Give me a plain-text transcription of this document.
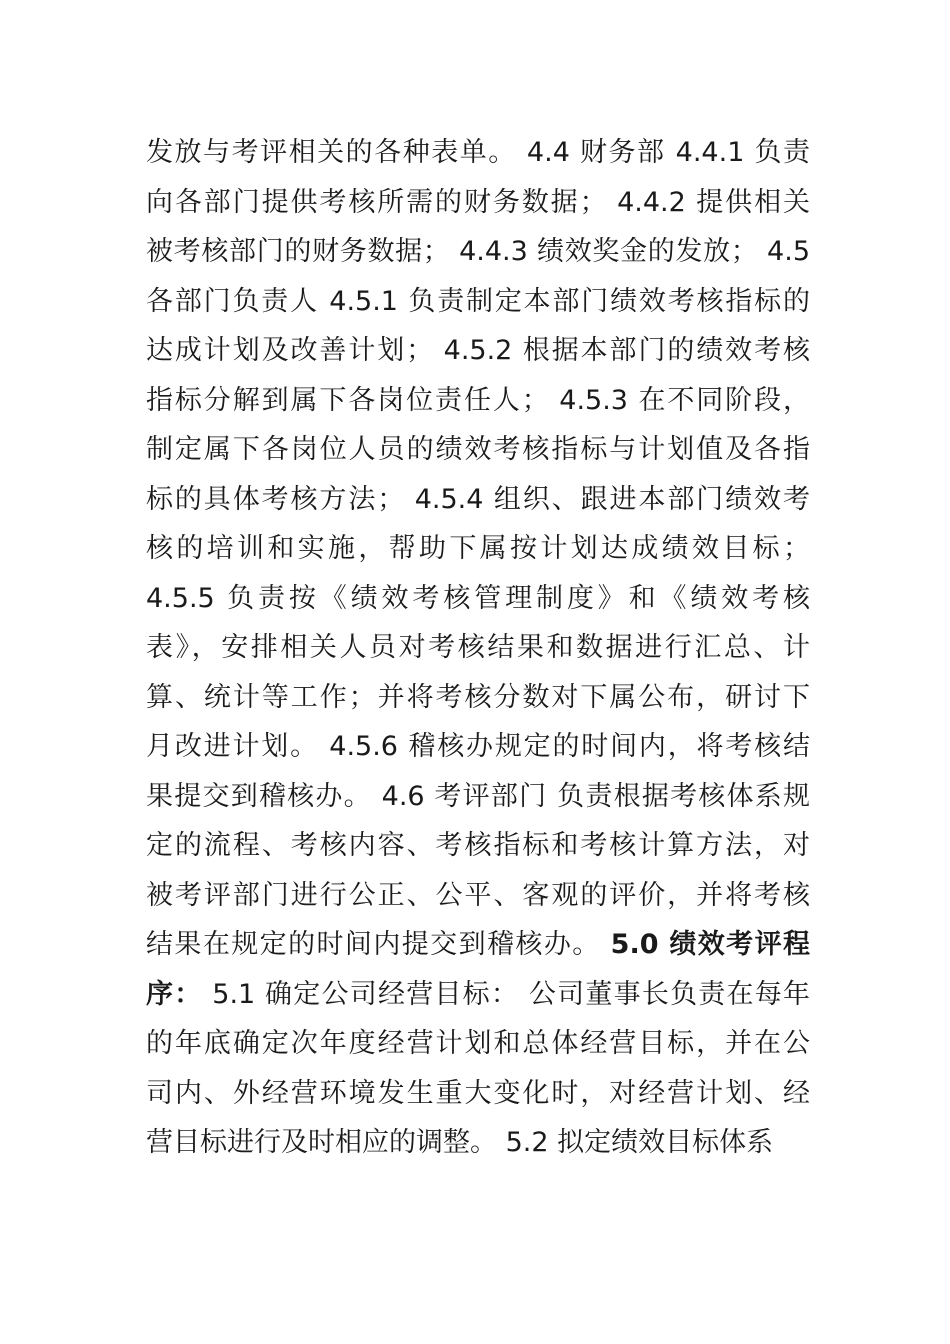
发放与考评相关的各种表单。 4.4 财务部 4.4.1 负责
向各部门提供考核所需的财务数据； 4.4.2 提供相关
被考核部门的财务数据； 4.4.3 绩效奖金的发放； 4.5
各部门负责人 4.5.1 负责制定本部门绩效考核指标的
达成计划及改善计划； 4.5.2 根据本部门的绩效考核
指标分解到属下各岗位责任人； 4.5.3 在不同阶段，
制定属下各岗位人员的绩效考核指标与计划值及各指
标的具体考核方法； 4.5.4 组织、跟进本部门绩效考
核的培训和实施，帮助下属按计划达成绩效目标；
4.5.5 负责按《绩效考核管理制度》和《绩效考核
表》，安排相关人员对考核结果和数据进行汇总、计
算、统计等工作；并将考核分数对下属公布，研讨下
月改进计划。 4.5.6 稽核办规定的时间内，将考核结
果提交到稽核办。 4.6 考评部门 负责根据考核体系规
定的流程、考核内容、考核指标和考核计算方法，对
被考评部门进行公正、公平、客观的评价，并将考核
结果在规定的时间内提交到稽核办。 5.0 绩效考评程
序： 5.1 确定公司经营目标： 公司董事长负责在每年
的年底确定次年度经营计划和总体经营目标，并在公
司内、外经营环境发生重大变化时，对经营计划、经
营目标进行及时相应的调整。 5.2 拟定绩效目标体系
